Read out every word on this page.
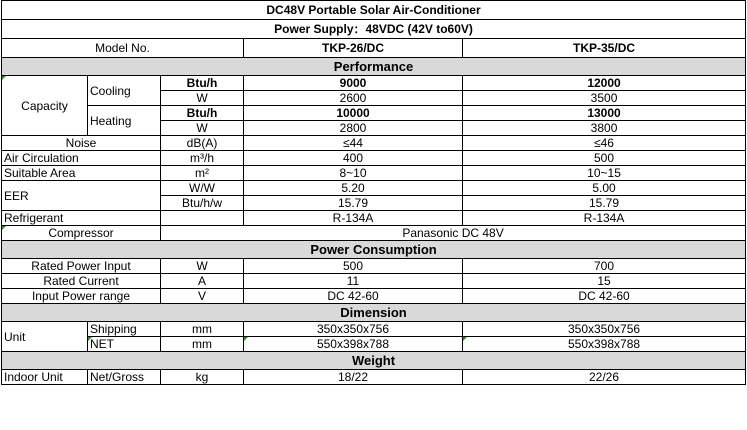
DC48V Portable Solar Air-Conditioner				
Power Supply：48VDC (42V to60V)				
Model No.			TKP-26/DC	TKP-35/DC
Performance				
Capacity	Cooling	Btu/h	9000	12000
		W	2600	3500
	Heating	Btu/h	10000	13000
		W	2800	3800
Noise		dB(A)	≤44	≤46
Air Circulation		m³/h	400	500
Suitable Area		m²	8~10	10~15
EER		W/W	5.20	5.00
		Btu/h/w	15.79	15.79
Refrigerant			R-134A	R-134A
Compressor		Panasonic DC 48V		
Power Consumption				
Rated Power Input		W	500	700
Rated Current		A	11	15
Input Power range		V	DC 42-60	DC 42-60
Dimension				
Unit	Shipping	mm	350x350x756	350x350x756
	NET	mm	550x398x788	550x398x788
Weight				
Indoor Unit	Net/Gross	kg	18/22	22/26
